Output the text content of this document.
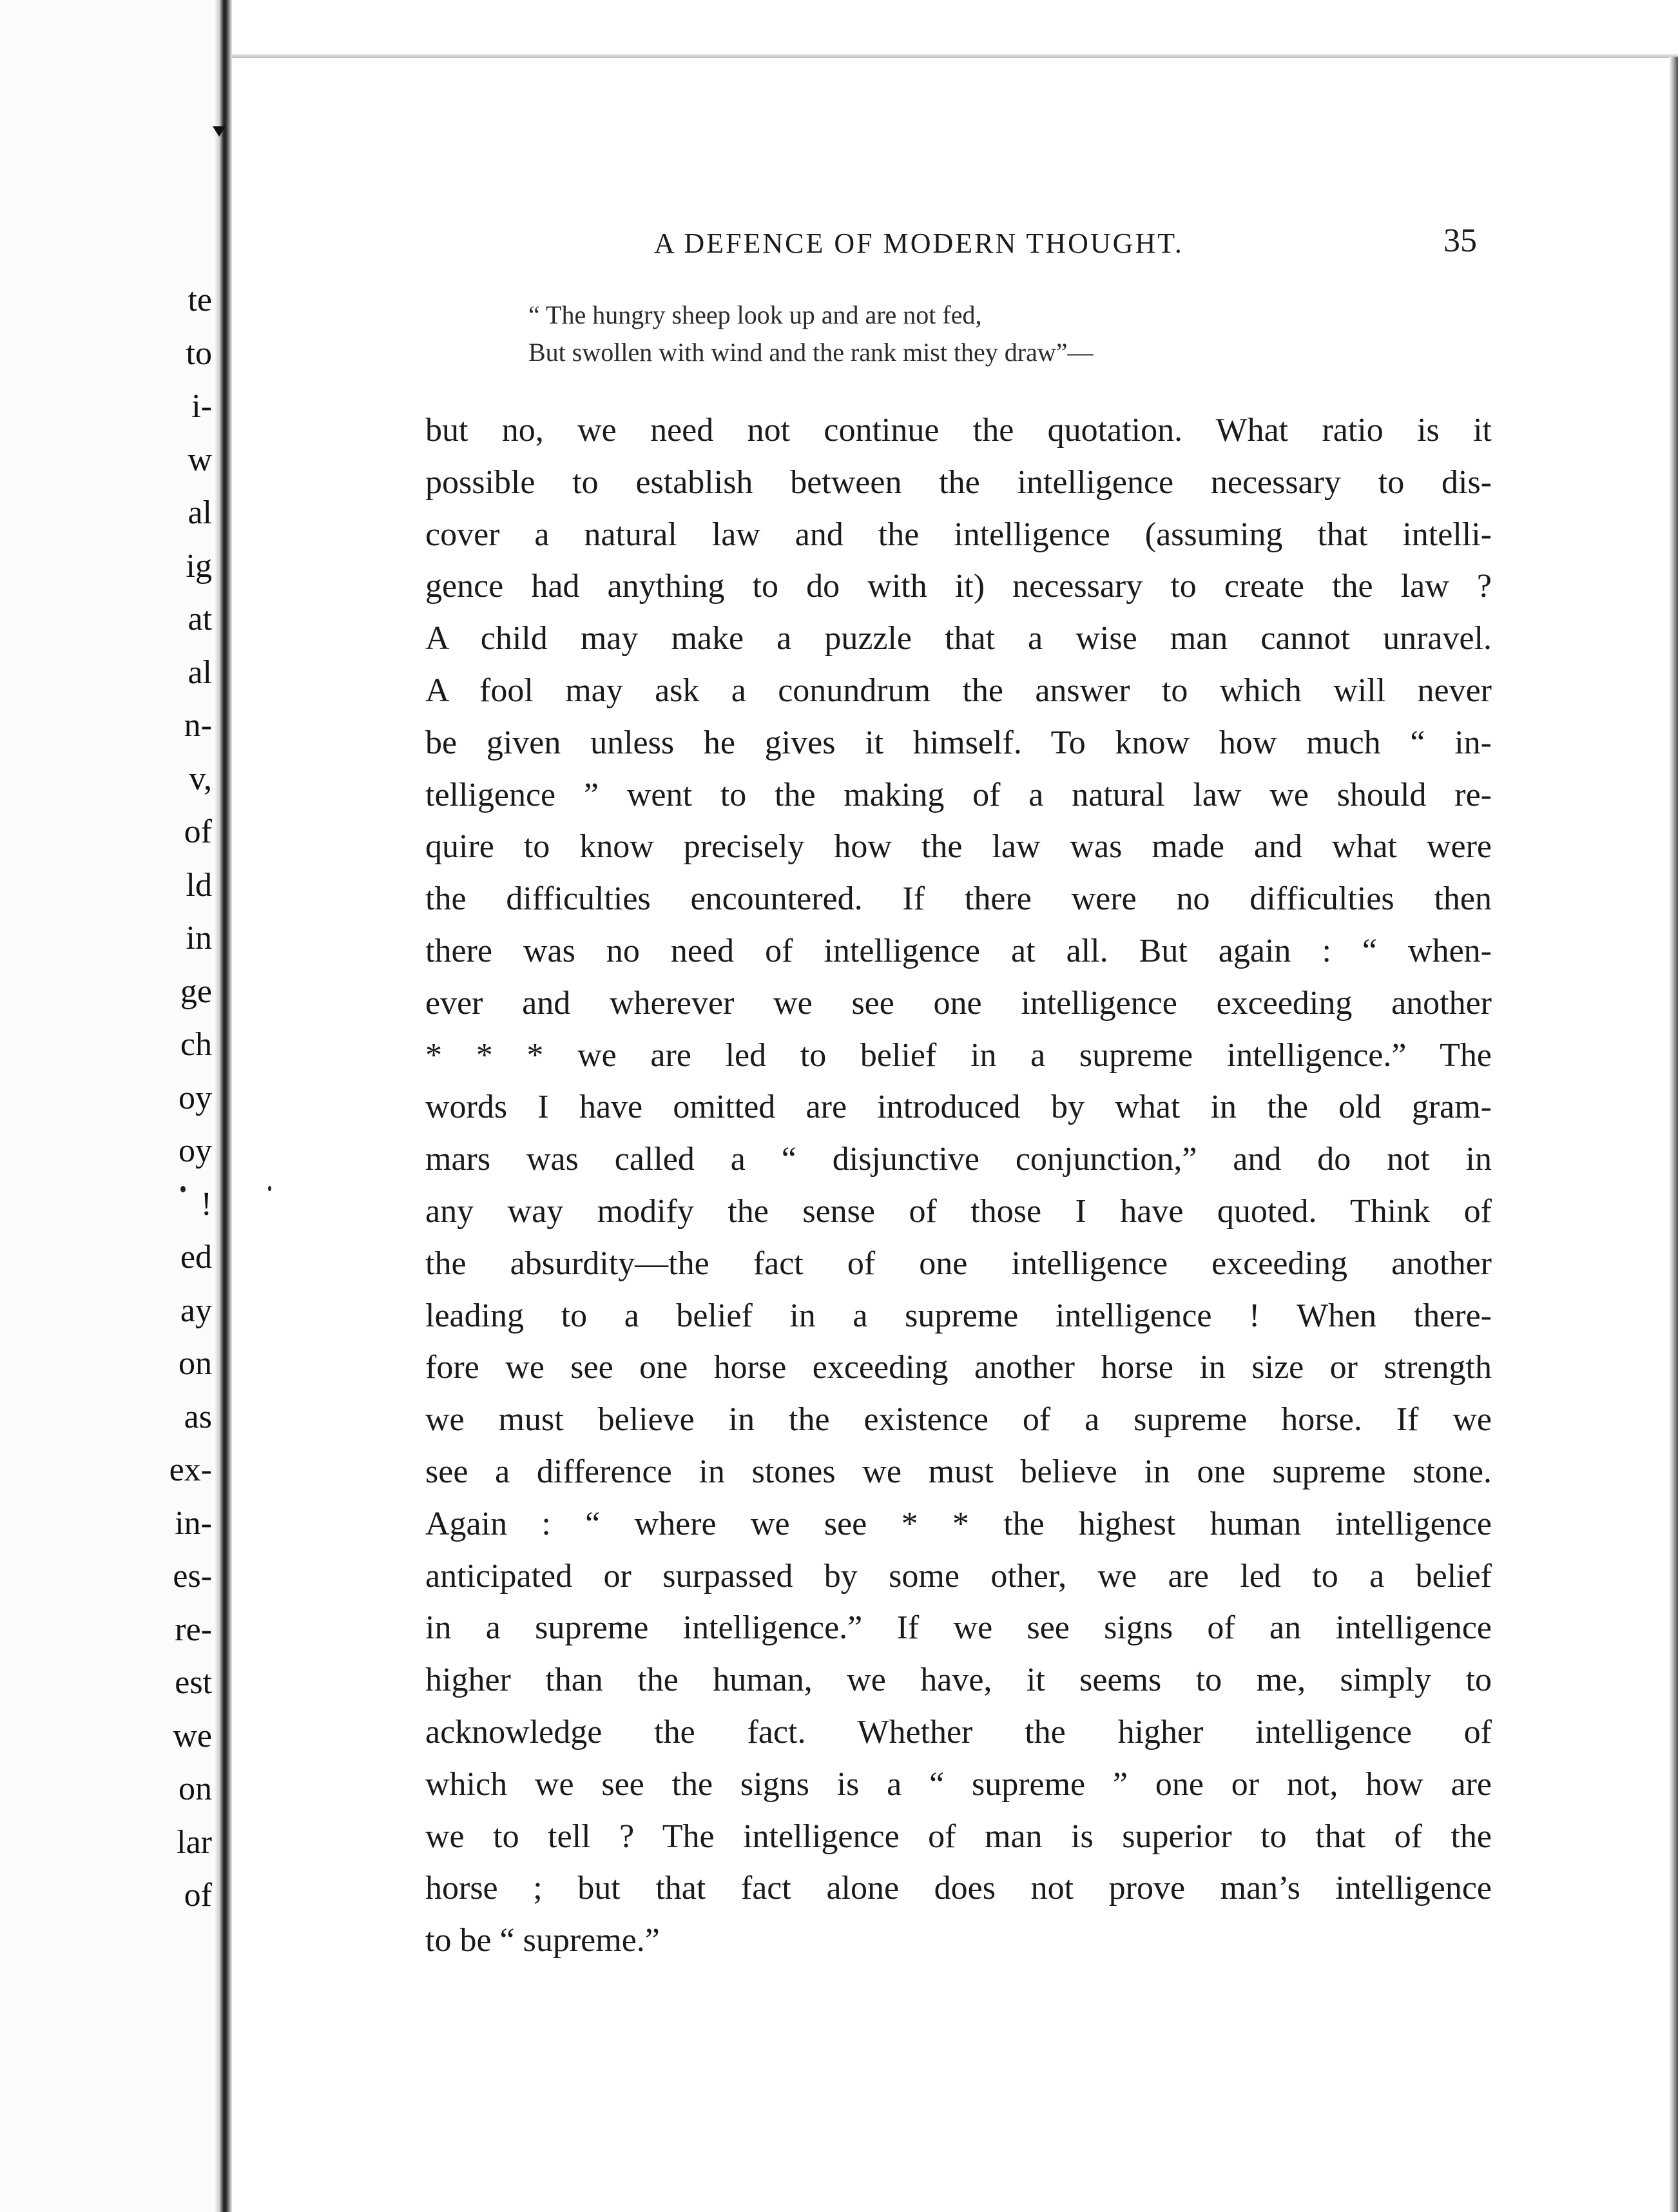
te
to
i-
w
al
ig
at
al
n-
v,
of
ld
in
ge
ch
oy
oy
!
ed
ay
on
as
ex-
in-
es-
re-
est
we
on
lar
of
A DEFENCE OF MODERN THOUGHT.	35
“ The hungry sheep look up and are not fed,
But swollen with wind and the rank mist they draw”—
but no, we need not continue the quotation. What ratio is it
possible to establish between the intelligence necessary to dis-
cover a natural law and the intelligence (assuming that intelli-
gence had anything to do with it) necessary to create the law ?
A child may make a puzzle that a wise man cannot unravel.
A fool may ask a conundrum the answer to which will never
be given unless he gives it himself. To know how much “ in-
telligence ” went to the making of a natural law we should re-
quire to know precisely how the law was made and what were
the difficulties encountered. If there were no difficulties then
there was no need of intelligence at all. But again : “ when-
ever and wherever we see one intelligence exceeding another
* * * we are led to belief in a supreme intelligence.” The
words I have omitted are introduced by what in the old gram-
mars was called a “ disjunctive conjunction,” and do not in
any way modify the sense of those I have quoted. Think of
the absurdity—the fact of one intelligence exceeding another
leading to a belief in a supreme intelligence ! When there-
fore we see one horse exceeding another horse in size or strength
we must believe in the existence of a supreme horse. If we
see a difference in stones we must believe in one supreme stone.
Again : “ where we see * * the highest human intelligence
anticipated or surpassed by some other, we are led to a belief
in a supreme intelligence.” If we see signs of an intelligence
higher than the human, we have, it seems to me, simply to
acknowledge the fact. Whether the higher intelligence of
which we see the signs is a “ supreme ” one or not, how are
we to tell ? The intelligence of man is superior to that of the
horse ; but that fact alone does not prove man’s intelligence
to be “ supreme.”
